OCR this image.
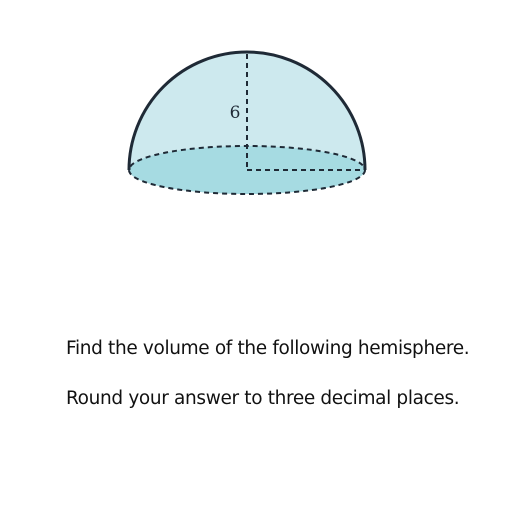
6
Find the volume of the following hemisphere.
Round your answer to three decimal places.
